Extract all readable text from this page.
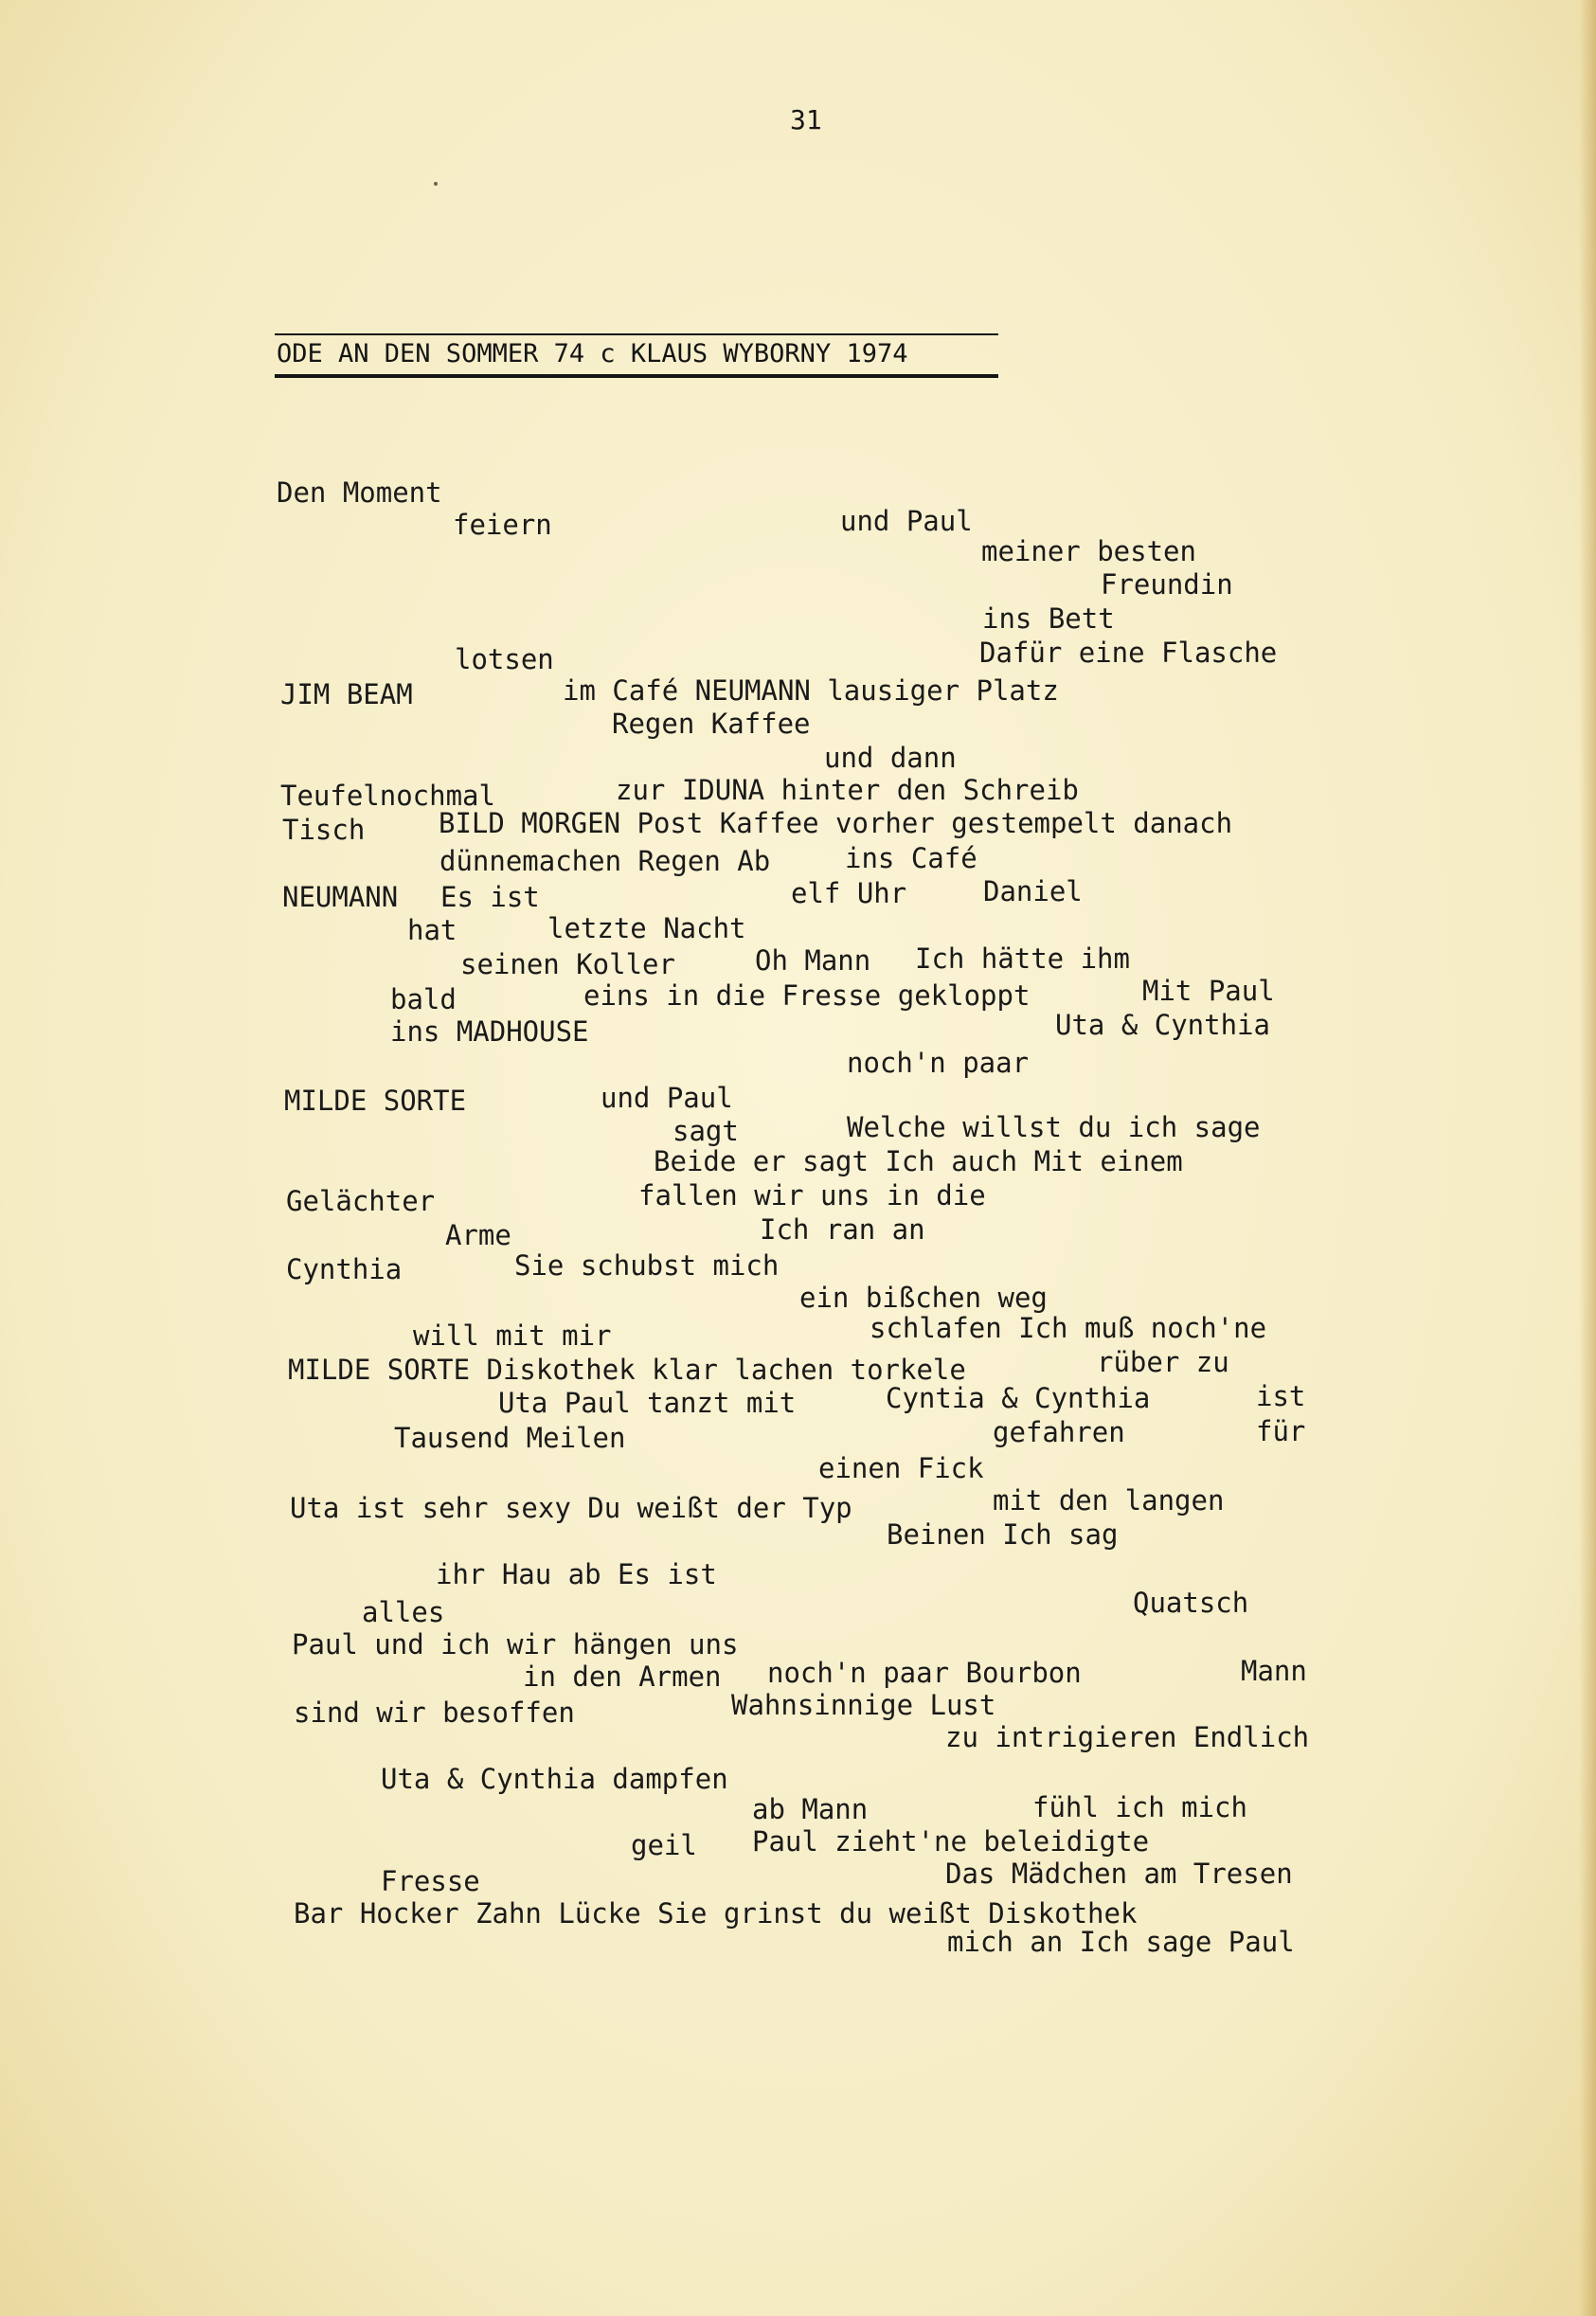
31
ODE AN DEN SOMMER 74 c KLAUS WYBORNY 1974
Den Moment
feiern	und Paul
meiner besten
Freundin
ins Bett
lotsen	Dafür eine Flasche
JIM BEAM	im Café NEUMANN lausiger Platz
Regen Kaffee
und dann
Teufelnochmal	zur IDUNA hinter den Schreib
Tisch	BILD MORGEN Post Kaffee vorher gestempelt danach
dünnemachen Regen Ab	ins Café
NEUMANN Es ist	elf Uhr	Daniel
hat	letzte Nacht
seinen Koller	Oh Mann Ich hätte ihm
bald	eins in die Fresse gekloppt	Mit Paul
ins MADHOUSE	Uta & Cynthia
noch'n paar
MILDE SORTE	und Paul
sagt	Welche willst du ich sage
Beide er sagt Ich auch Mit einem
Gelächter	fallen wir uns in die
Arme	Ich ran an
Cynthia	Sie schubst mich
ein bißchen weg
will mit mir	schlafen Ich muß noch'ne
MILDE SORTE Diskothek klar lachen torkele	rüber zu
Uta Paul tanzt mit	Cyntia & Cynthia	ist
Tausend Meilen	gefahren	für
einen Fick
Uta ist sehr sexy Du weißt der Typ	mit den langen
Beinen Ich sag
ihr Hau ab Es ist
alles	Quatsch
Paul und ich wir hängen uns
in den Armen noch'n paar Bourbon	Mann
sind wir besoffen	Wahnsinnige Lust
zu intrigieren Endlich
Uta & Cynthia dampfen
ab Mann	fühl ich mich
geil Paul zieht'ne beleidigte
Fresse	Das Mädchen am Tresen
Bar Hocker Zahn Lücke Sie grinst du weißt Diskothek
mich an Ich sage Paul
